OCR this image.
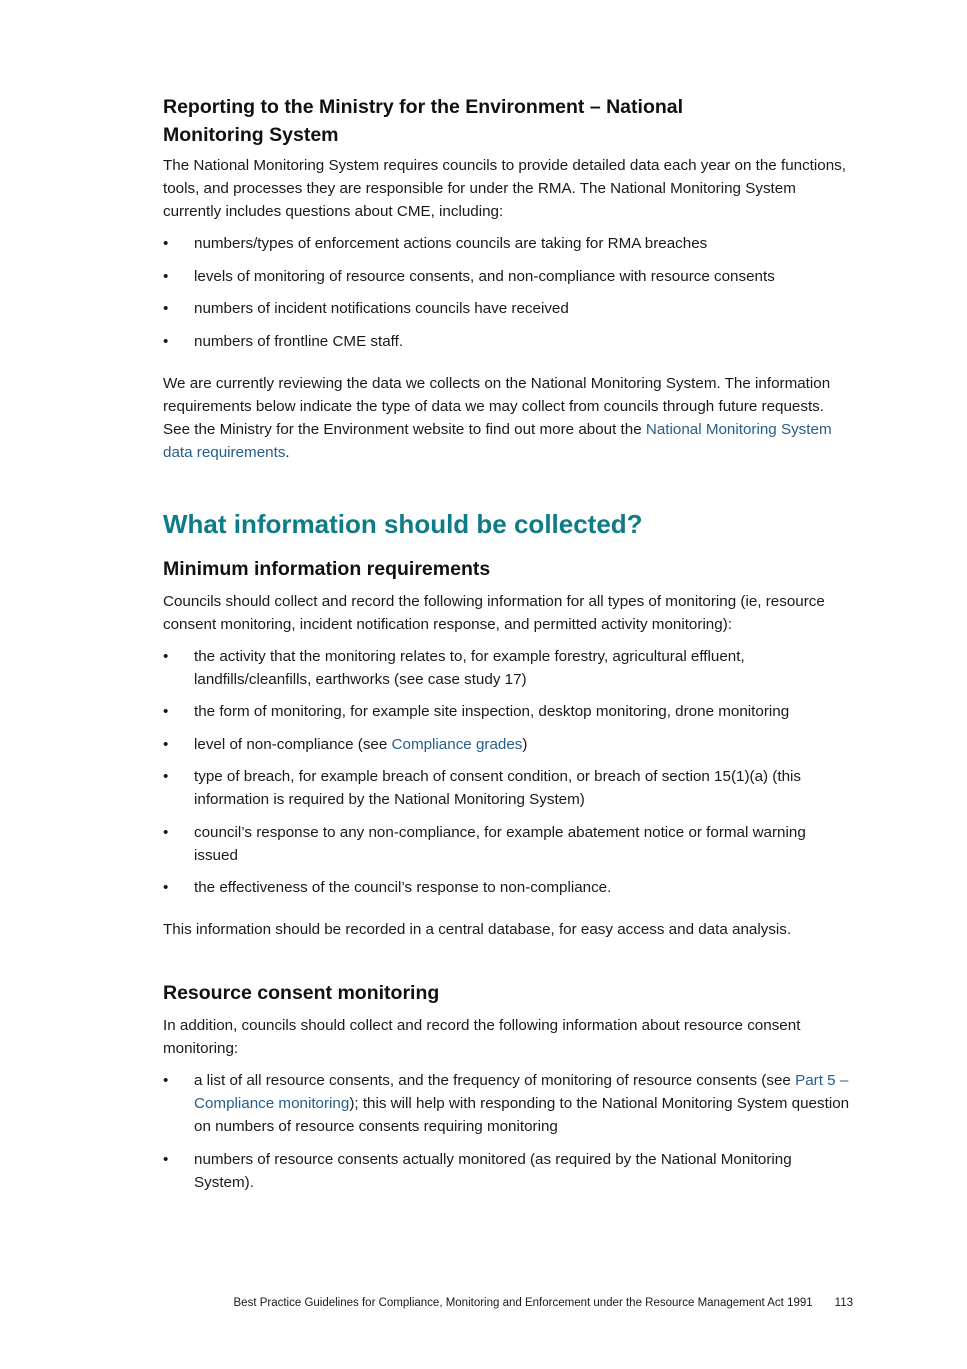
Reporting to the Ministry for the Environment – National
Monitoring System

The National Monitoring System requires councils to provide detailed data each year on the functions, tools, and processes they are responsible for under the RMA. The National Monitoring System currently includes questions about CME, including:

• numbers/types of enforcement actions councils are taking for RMA breaches
• levels of monitoring of resource consents, and non-compliance with resource consents
• numbers of incident notifications councils have received
• numbers of frontline CME staff.

We are currently reviewing the data we collects on the National Monitoring System. The information requirements below indicate the type of data we may collect from councils through future requests. See the Ministry for the Environment website to find out more about the National Monitoring System data requirements.

What information should be collected?
Minimum information requirements

Councils should collect and record the following information for all types of monitoring (ie, resource consent monitoring, incident notification response, and permitted activity monitoring):

• the activity that the monitoring relates to, for example forestry, agricultural effluent, landfills/cleanfills, earthworks (see case study 17)
• the form of monitoring, for example site inspection, desktop monitoring, drone monitoring
• level of non-compliance (see Compliance grades)
• type of breach, for example breach of consent condition, or breach of section 15(1)(a) (this information is required by the National Monitoring System)
• council’s response to any non-compliance, for example abatement notice or formal warning issued
• the effectiveness of the council’s response to non-compliance.

This information should be recorded in a central database, for easy access and data analysis.

Resource consent monitoring

In addition, councils should collect and record the following information about resource consent monitoring:

• a list of all resource consents, and the frequency of monitoring of resource consents (see Part 5 – Compliance monitoring); this will help with responding to the National Monitoring System question on numbers of resource consents requiring monitoring
• numbers of resource consents actually monitored (as required by the National Monitoring System).
Best Practice Guidelines for Compliance, Monitoring and Enforcement under the Resource Management Act 1991 113
